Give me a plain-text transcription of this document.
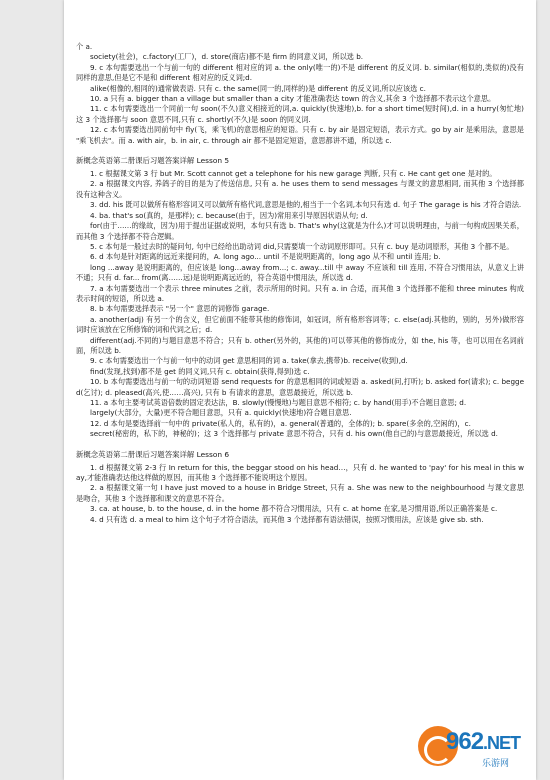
个 a.

society(社会)，c.factory(工厂)，d. store(商店)都不是 firm 的同意义词，所以选 b.

9. c 本句需要选出一个与前一句的 different 相对应的词 a. the only(唯一的)不是 different 的反义词. b. similar(相似的,类似的)没有同样的意思,但是它不是和 different 相对应的反义词;d.

alike(相像的,相同的)通常做表语. 只有 c. the same(同一的,同样的)是 different 的反义词,所以应该选 c.

10. a 只有 a. bigger than a village but smaller than a city 才能准确表达 town 的含义,其余 3 个选择都不表示这个意思。

11. c 本句需要选出一个同前一句 soon(不久)意义相接近的词,a. quickly(快速地),b. for a short time(短时间),d. in a hurry(匆忙地)这 3 个选择都与 soon 意思不同,只有 c. shortly(不久)是 soon 的同义词.

12. c 本句需要选出同前句中 fly(飞，乘飞机)的意思相应的短语。只有 c. by air 是固定短语，表示方式。go by air 是乘用法，意思是 "乘飞机去"。而 a. with air，b. in air, c. through air 都不是固定短语，意思都讲不通，所以选 c.

新概念英语第二册课后习题答案详解 Lesson 5

1. c 根据课文第 3 行 but Mr. Scott cannot get a telephone for his new garage 判断, 只有 c. He cant get one 是对的。

2. a 根据课文内容, 养鸽子的目的是为了传送信息, 只有 a. he uses them to send messages 与课文的意思相同, 而其他 3 个选择都没有这种含义。

3. dd. his 既可以做所有格形容词又可以做所有格代词,意思是他的,相当于一个名词,本句只有选 d. 句子 The garage is his 才符合语法.

4. ba. that's so(真的，是那样); c. because(由于，因为)常用来引导原因状语从句; d.

for(由于……的缘故，因为)用于提出证据或说明，本句只有选 b. That's why(这就是为什么)才可以说明理由，与前一句构成因果关系，而其他 3 个选择都不符合逻辑。

5. c 本句是一般过去时的疑问句, 句中已经给出助动词 did,只需要填一个动词原形即可。只有 c. buy 是动词原形，其他 3 个都不是。

6. d 本句是针对距离的远近来提问的，A. long ago... until 不是说明距离的，long ago 从不和 until 连用; b.

long ...away 是说明距离的，但应该是 long...away from...; c. away...till 中 away 不应该和 till 连用, 不符合习惯用法，从意义上讲不通；只有 d. far... from(离……远)是说明距离远近的，符合英语中惯用法，所以选 d.

7. a 本句需要选出一个表示 three minutes 之前，表示所用的时间。只有 a. in 合适，而其他 3 个选择都不能和 three minutes 构成表示时间的短语，所以选 a.

8. b 本句需要选择表示 "另一个" 意思的词修饰 garage.

a. another(adj) 有另一个的含义，但它前面不能带其他的修饰词，如冠词，所有格形容词等；c. else(adj.其他的，别的，另外)做形容词时应该放在它所修饰的词和代词之后；d.

different(adj.不同的)与题目意思不符合；只有 b. other(另外的，其他的)可以带其他的修饰成分，如 the, his 等，也可以用在名词前面，所以选 b.

9. c 本句需要选出一个与前一句中的动词 get 意思相同的词 a. take(拿去,携带)b. receive(收到),d.

find(发现,找到)都不是 get 的同义词,只有 c. obtain(获得,得到)选 c.

10. b 本句需要选出与前一句的动词短语 send requests for 的意思相同的词或短语 a. asked(问,打听); b. asked for(请求); c. begged(乞讨); d. pleased(高兴,使……高兴), 只有 b 有请求的意思，意思最接近，所以选 b.

11. a 本句主要考试英语倍数的固定表达法，B. slowly(慢慢地)与题目意思不相符; c. by hand(用手)不合题目意思; d.

largely(大部分，大量)更不符合题目意思，只有 a. quickly(快速地)符合题目意思.

12. d 本句是要选择前一句中的 private(私人的，私有的)，a. general(普通的，全体的); b. spare(多余的,空闲的)，c.

secret(秘密的，私下的，神秘的)；这 3 个选择都与 private 意思不符合，只有 d. his own(他自己的)与意思最接近，所以选 d.

新概念英语第二册课后习题答案详解 Lesson 6

1. d 根据课文第 2-3 行 In return for this, the beggar stood on his head…，只有 d. he wanted to 'pay' for his meal in this way,才能准确表达他这样做的原因，而其他 3 个选择都不能说明这个原因。

2. a 根据课文第一句 I have just moved to a house in Bridge Street, 只有 a. She was new to the neighbourhood 与课文意思是吻合，其他 3 个选择都和课文的意思不符合。

3. ca. at house, b. to the house, d. in the home 都不符合习惯用法，只有 c. at home 在家,是习惯用语,所以正确答案是 c.

4. d 只有选 d. a meal to him 这个句子才符合语法，而其他 3 个选择都有语法错误，按照习惯用法，应该是 give sb. sth.

962.NET
乐游网
